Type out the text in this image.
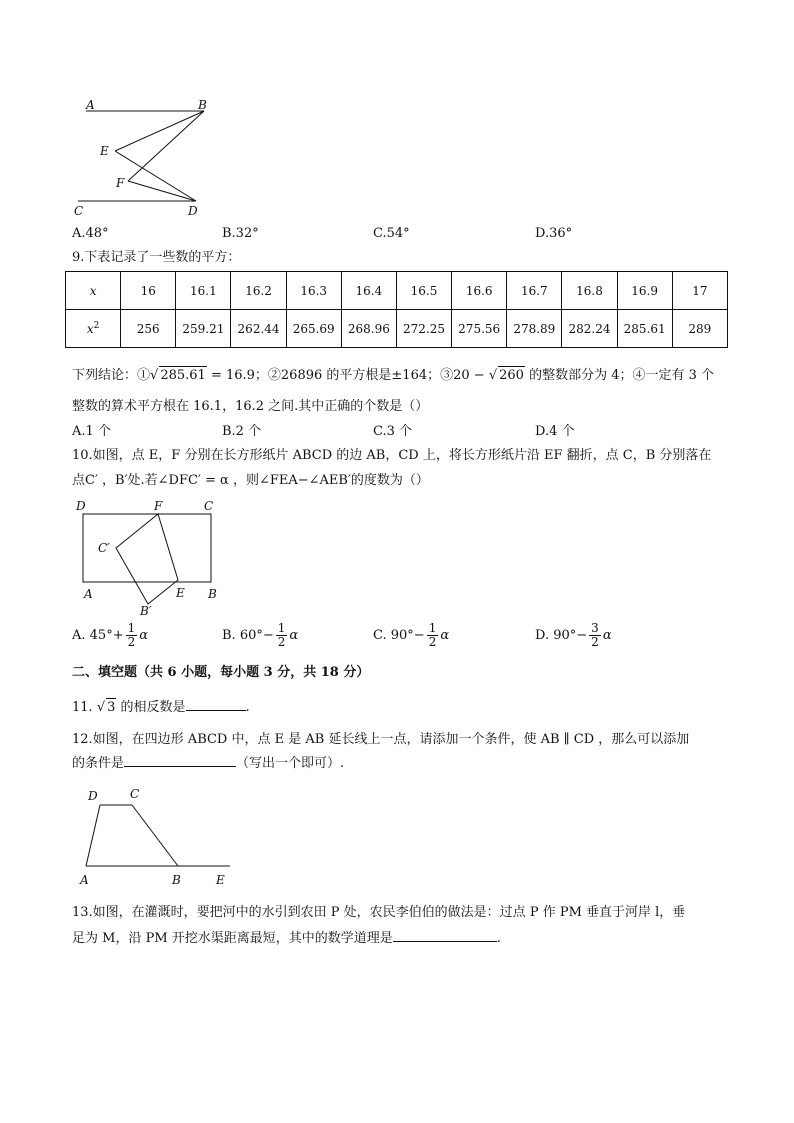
A	B
E
F
C	D
A.48°	B.32°	C.54°	D.36°
9.下表记录了一些数的平方：
x	16	16.1	16.2	16.3	16.4	16.5	16.6	16.7	16.8	16.9	17
$x^2$	256	259.21	262.44	265.69	268.96	272.25	275.56	278.89	282.24	285.61	289
下列结论：①√ 285.61 = 16.9；②26896 的平方根是±164；③20 − √ 260 的整数部分为 4；④一定有 3 个
整数的算术平方根在 16.1，16.2 之间.其中正确的个数是（）
A.1 个	B.2 个	C.3 个	D.4 个
10.如图，点 E，F 分别在长方形纸片 ABCD 的边 AB，CD 上，将长方形纸片沿 EF 翻折，点 C，B 分别落在
点C′ ，B′处.若∠DFC′ = α ，则∠FEA−∠AEB′的度数为（）
D	F	C
C′
A
B′
E B
A. $45^\circ+ \frac{1}{2}$ α	B. $60^\circ- \frac{1}{2}$ α	C. $90^\circ- \frac{1}{2}$ α	D. $90^\circ- \frac{3}{2}$ α
二、填空题（共 6 小题，每小题 3 分，共 18 分）
11. √ 3 的相反数是	.
12.如图，在四边形 ABCD 中，点 E 是 AB 延长线上一点，请添加一个条件，使 AB ∥ CD ，那么可以添加
的条件是	（写出一个即可）.
D	C
A	B	E
13.如图，在灌溉时，要把河中的水引到农田 P 处，农民李伯伯的做法是：过点 P 作 PM 垂直于河岸 l，垂
足为 M，沿 PM 开挖水渠距离最短，其中的数学道理是	.
